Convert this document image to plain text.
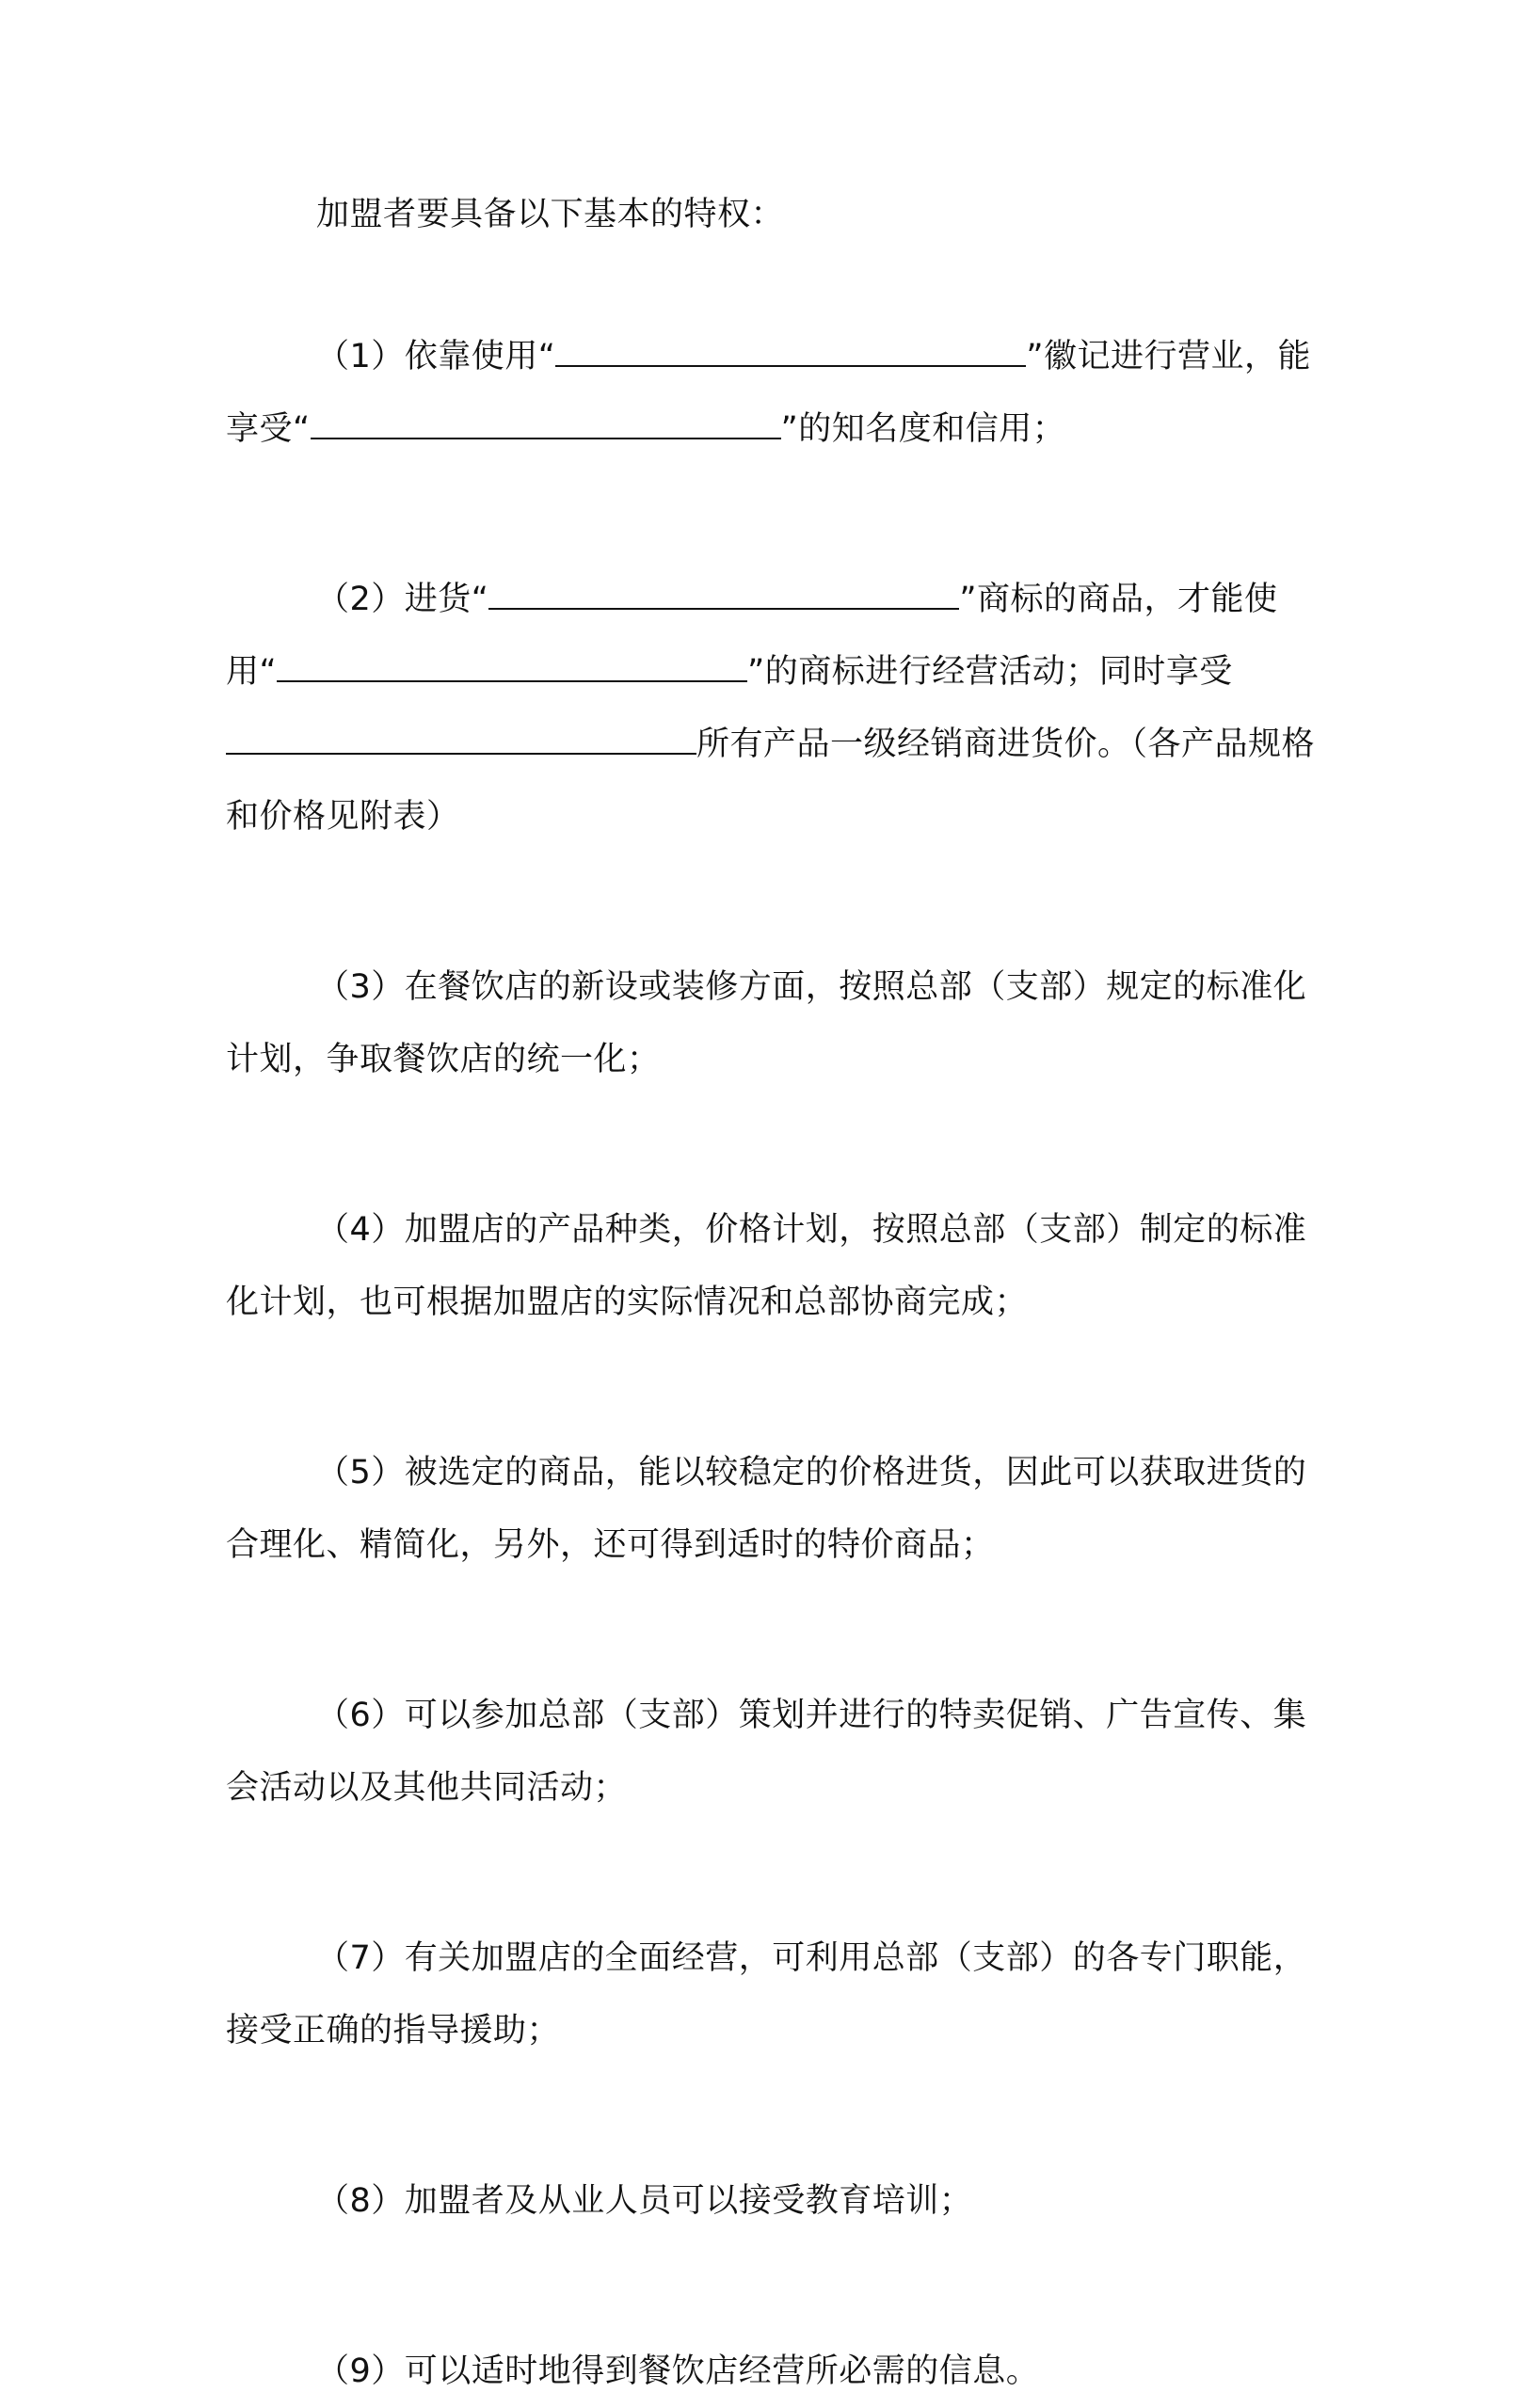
加盟者要具备以下基本的特权：

（1）依靠使用“	”徽记进行营业，能享受“	”的知名度和信用；

（2）进货“	”商标的商品，才能使用“	”的商标进行经营活动；同时享受所有产品一级经销商进货价。（各产品规格和价格见附表）

（3）在餐饮店的新设或装修方面，按照总部（支部）规定的标准化计划，争取餐饮店的统一化；

（4）加盟店的产品种类，价格计划，按照总部（支部）制定的标准化计划，也可根据加盟店的实际情况和总部协商完成；

（5）被选定的商品，能以较稳定的价格进货，因此可以获取进货的合理化、精简化，另外，还可得到适时的特价商品；

（6）可以参加总部（支部）策划并进行的特卖促销、广告宣传、集会活动以及其他共同活动；

（7）有关加盟店的全面经营，可利用总部（支部）的各专门职能，接受正确的指导援助；

（8）加盟者及从业人员可以接受教育培训；

（9）可以适时地得到餐饮店经营所必需的信息。
